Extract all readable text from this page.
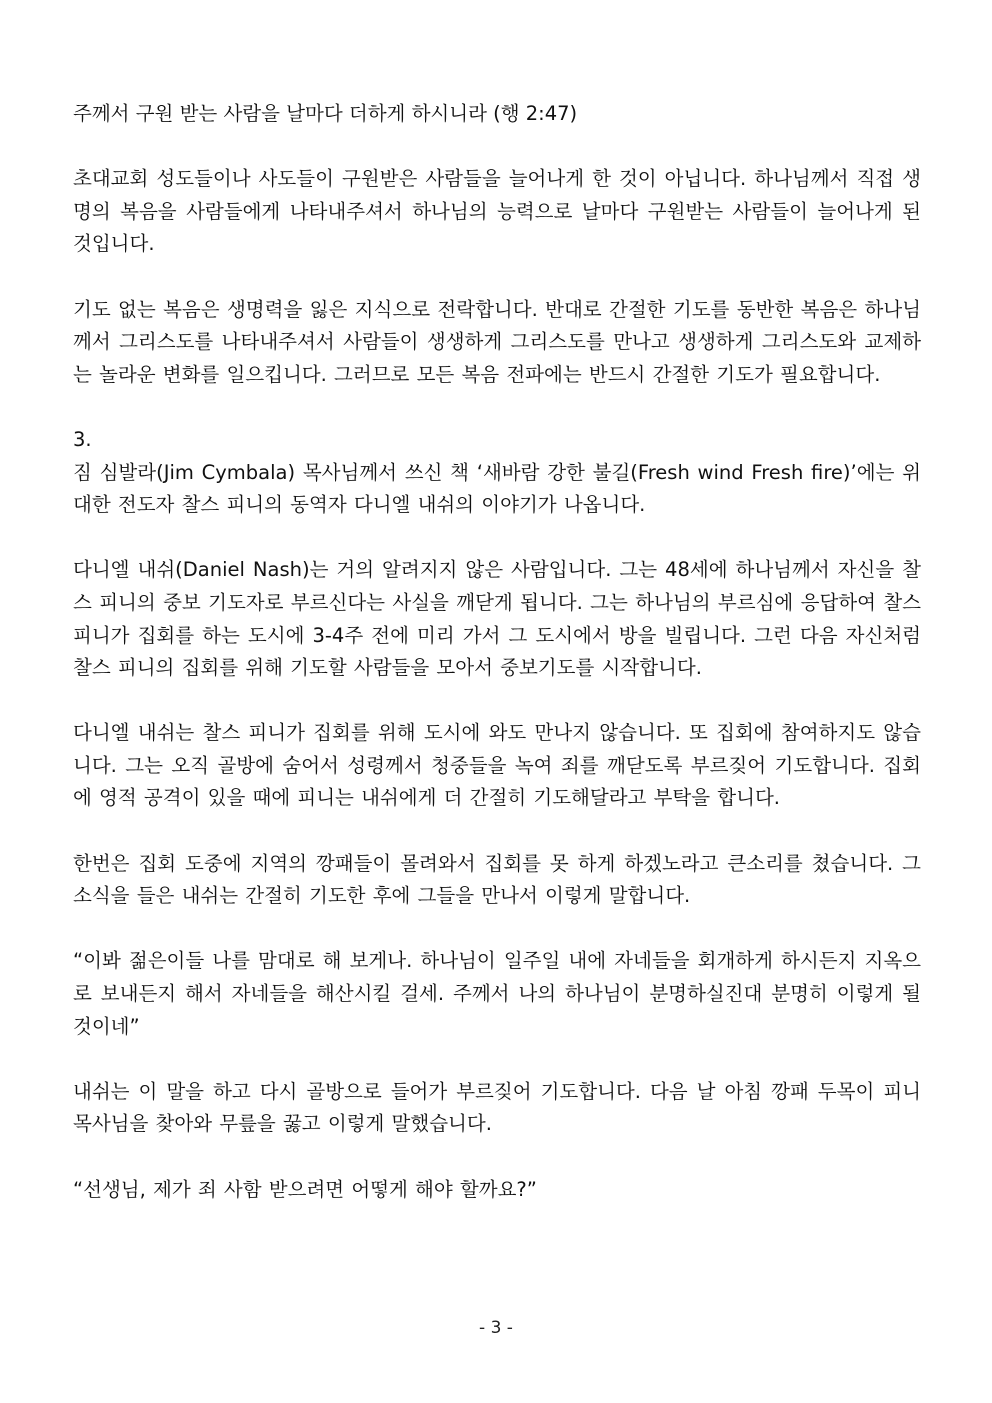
주께서 구원 받는 사람을 날마다 더하게 하시니라 (행 2:47)

초대교회 성도들이나 사도들이 구원받은 사람들을 늘어나게 한 것이 아닙니다. 하나님께서 직접 생명의 복음을 사람들에게 나타내주셔서 하나님의 능력으로 날마다 구원받는 사람들이 늘어나게 된 것입니다.

기도 없는 복음은 생명력을 잃은 지식으로 전락합니다. 반대로 간절한 기도를 동반한 복음은 하나님께서 그리스도를 나타내주셔서 사람들이 생생하게 그리스도를 만나고 생생하게 그리스도와 교제하는 놀라운 변화를 일으킵니다. 그러므로 모든 복음 전파에는 반드시 간절한 기도가 필요합니다.

3.

짐 심발라(Jim Cymbala) 목사님께서 쓰신 책 ‘새바람 강한 불길(Fresh wind Fresh fire)’에는 위대한 전도자 찰스 피니의 동역자 다니엘 내쉬의 이야기가 나옵니다.

다니엘 내쉬(Daniel Nash)는 거의 알려지지 않은 사람입니다. 그는 48세에 하나님께서 자신을 찰스 피니의 중보 기도자로 부르신다는 사실을 깨닫게 됩니다. 그는 하나님의 부르심에 응답하여 찰스 피니가 집회를 하는 도시에 3-4주 전에 미리 가서 그 도시에서 방을 빌립니다. 그런 다음 자신처럼 찰스 피니의 집회를 위해 기도할 사람들을 모아서 중보기도를 시작합니다.

다니엘 내쉬는 찰스 피니가 집회를 위해 도시에 와도 만나지 않습니다. 또 집회에 참여하지도 않습니다. 그는 오직 골방에 숨어서 성령께서 청중들을 녹여 죄를 깨닫도록 부르짖어 기도합니다. 집회에 영적 공격이 있을 때에 피니는 내쉬에게 더 간절히 기도해달라고 부탁을 합니다.

한번은 집회 도중에 지역의 깡패들이 몰려와서 집회를 못 하게 하겠노라고 큰소리를 쳤습니다. 그 소식을 들은 내쉬는 간절히 기도한 후에 그들을 만나서 이렇게 말합니다.

“이봐 젊은이들 나를 맘대로 해 보게나. 하나님이 일주일 내에 자네들을 회개하게 하시든지 지옥으로 보내든지 해서 자네들을 해산시킬 걸세. 주께서 나의 하나님이 분명하실진대 분명히 이렇게 될 것이네”

내쉬는 이 말을 하고 다시 골방으로 들어가 부르짖어 기도합니다. 다음 날 아침 깡패 두목이 피니 목사님을 찾아와 무릎을 꿇고 이렇게 말했습니다.

“선생님, 제가 죄 사함 받으려면 어떻게 해야 할까요?”

- 3 -
